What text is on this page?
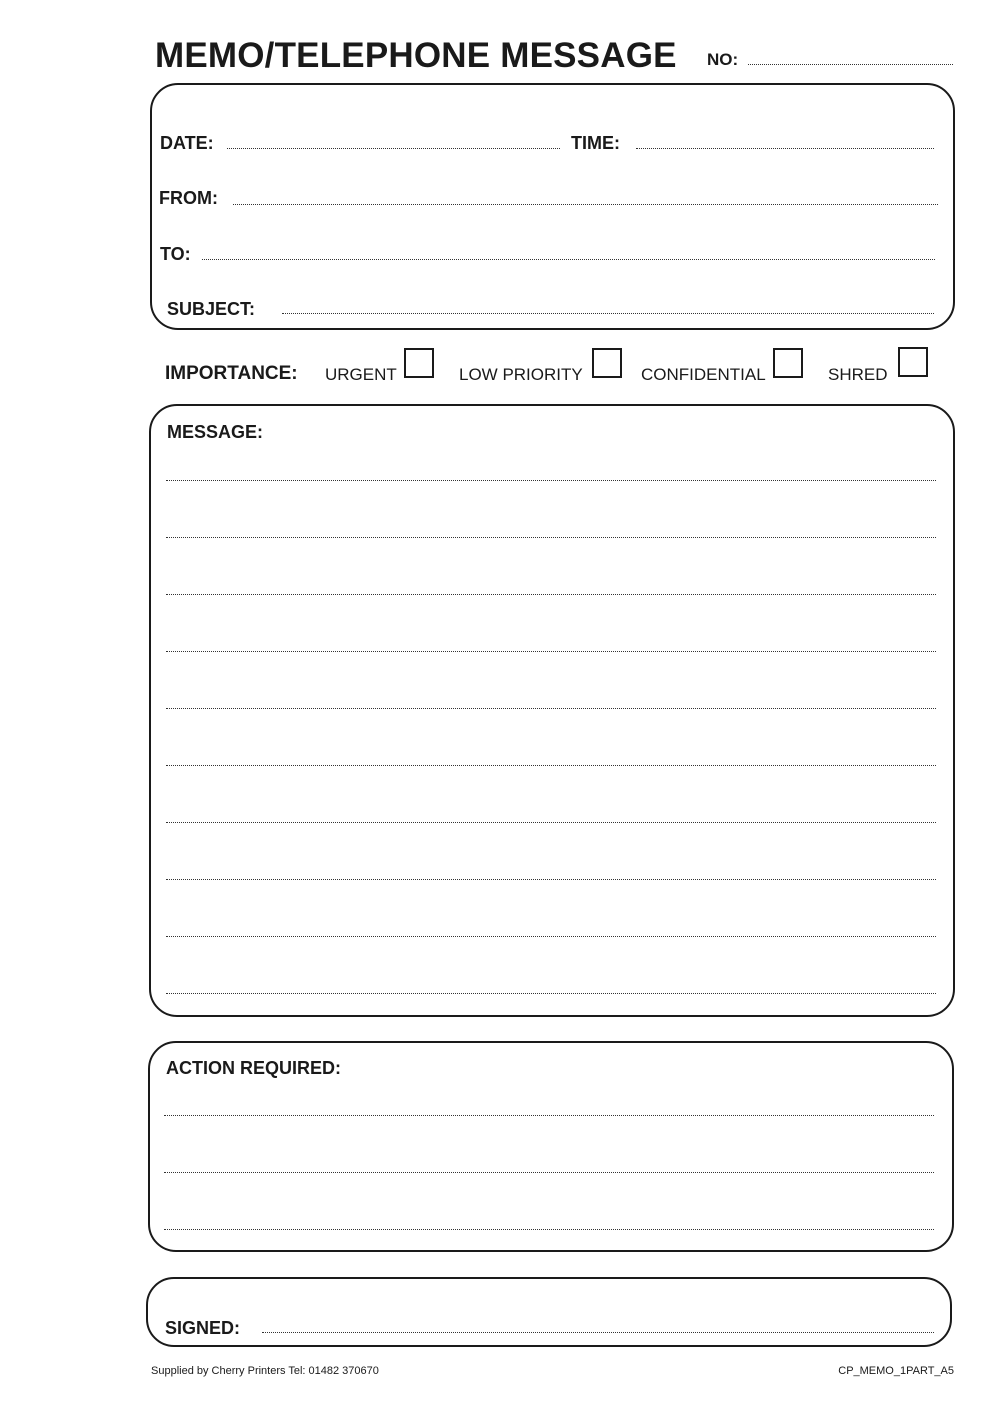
MEMO/TELEPHONE MESSAGE NO:
DATE:	TIME:
FROM:
TO:
SUBJECT:
IMPORTANCE: URGENT	LOW PRIORITY	CONFIDENTIAL	SHRED
MESSAGE:
ACTION REQUIRED:
SIGNED:
Supplied by Cherry Printers Tel: 01482 370670	CP_MEMO_1PART_A5
